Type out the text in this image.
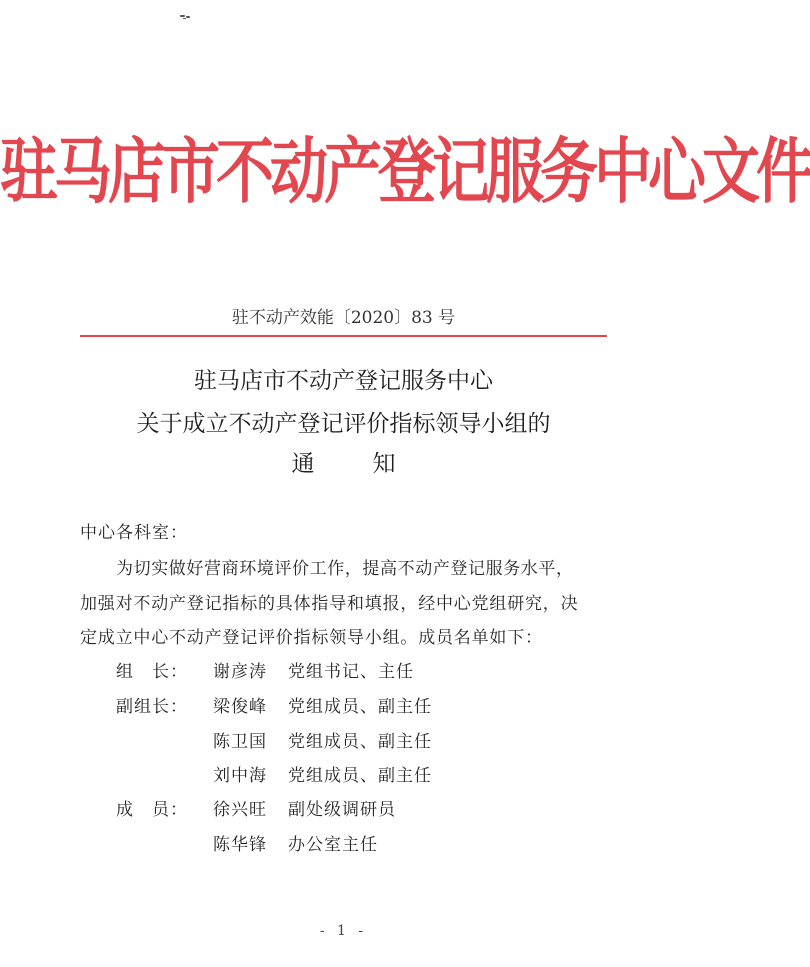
驻马店市不动产登记服务中心文件
驻不动产效能〔2020〕83 号
驻马店市不动产登记服务中心
关于成立不动产登记评价指标领导小组的
通	知
中心各科室：
为切实做好营商环境评价工作，提高不动产登记服务水平，
加强对不动产登记指标的具体指导和填报，经中心党组研究，决
定成立中心不动产登记评价指标领导小组。成员名单如下：
组　长： 谢彦涛 党组书记、主任
副组长： 梁俊峰 党组成员、副主任
陈卫国 党组成员、副主任
刘中海 党组成员、副主任
成　员： 徐兴旺 副处级调研员
陈华锋 办公室主任
- 1 -
